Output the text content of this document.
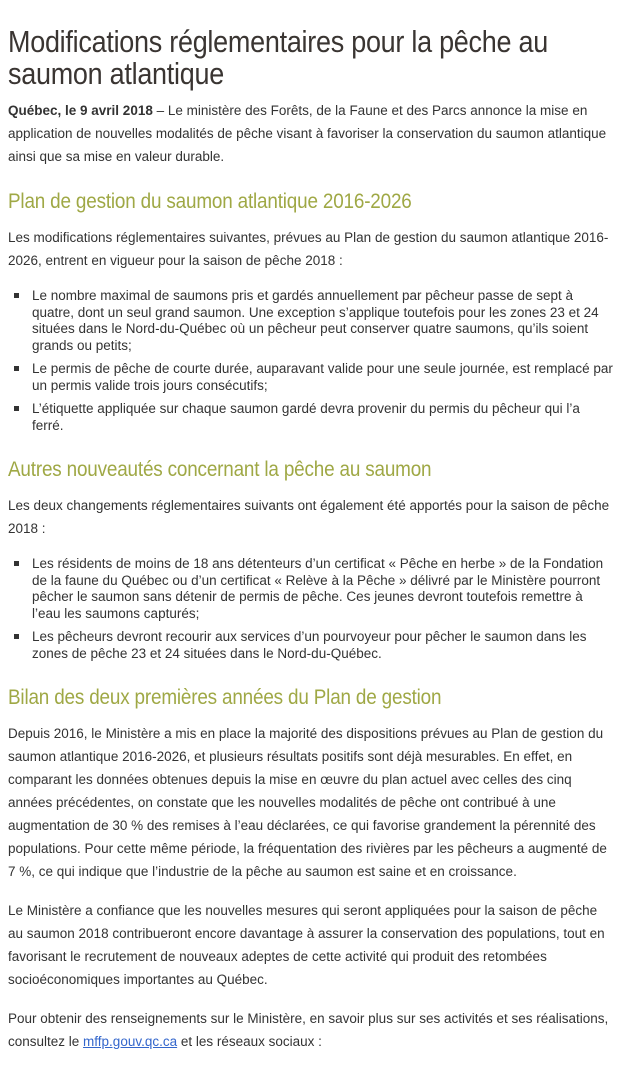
Modifications réglementaires pour la pêche au
saumon atlantique

Québec, le 9 avril 2018 – Le ministère des Forêts, de la Faune et des Parcs annonce la mise en application de nouvelles modalités de pêche visant à favoriser la conservation du saumon atlantique ainsi que sa mise en valeur durable.

Plan de gestion du saumon atlantique 2016-2026

Les modifications réglementaires suivantes, prévues au Plan de gestion du saumon atlantique 2016-2026, entrent en vigueur pour la saison de pêche 2018 :

Le nombre maximal de saumons pris et gardés annuellement par pêcheur passe de sept à quatre, dont un seul grand saumon. Une exception s’applique toutefois pour les zones 23 et 24 situées dans le Nord-du-Québec où un pêcheur peut conserver quatre saumons, qu’ils soient grands ou petits;
Le permis de pêche de courte durée, auparavant valide pour une seule journée, est remplacé par un permis valide trois jours consécutifs;
L’étiquette appliquée sur chaque saumon gardé devra provenir du permis du pêcheur qui l’a ferré.
Autres nouveautés concernant la pêche au saumon

Les deux changements réglementaires suivants ont également été apportés pour la saison de pêche 2018 :

Les résidents de moins de 18 ans détenteurs d’un certificat « Pêche en herbe » de la Fondation de la faune du Québec ou d’un certificat « Relève à la Pêche » délivré par le Ministère pourront pêcher le saumon sans détenir de permis de pêche. Ces jeunes devront toutefois remettre à l’eau les saumons capturés;
Les pêcheurs devront recourir aux services d’un pourvoyeur pour pêcher le saumon dans les zones de pêche 23 et 24 situées dans le Nord-du-Québec.
Bilan des deux premières années du Plan de gestion

Depuis 2016, le Ministère a mis en place la majorité des dispositions prévues au Plan de gestion du saumon atlantique 2016-2026, et plusieurs résultats positifs sont déjà mesurables. En effet, en comparant les données obtenues depuis la mise en œuvre du plan actuel avec celles des cinq années précédentes, on constate que les nouvelles modalités de pêche ont contribué à une augmentation de 30 % des remises à l’eau déclarées, ce qui favorise grandement la pérennité des populations. Pour cette même période, la fréquentation des rivières par les pêcheurs a augmenté de 7 %, ce qui indique que l’industrie de la pêche au saumon est saine et en croissance.

Le Ministère a confiance que les nouvelles mesures qui seront appliquées pour la saison de pêche au saumon 2018 contribueront encore davantage à assurer la conservation des populations, tout en favorisant le recrutement de nouveaux adeptes de cette activité qui produit des retombées socioéconomiques importantes au Québec.

Pour obtenir des renseignements sur le Ministère, en savoir plus sur ses activités et ses réalisations, consultez le mffp.gouv.qc.ca et les réseaux sociaux :
